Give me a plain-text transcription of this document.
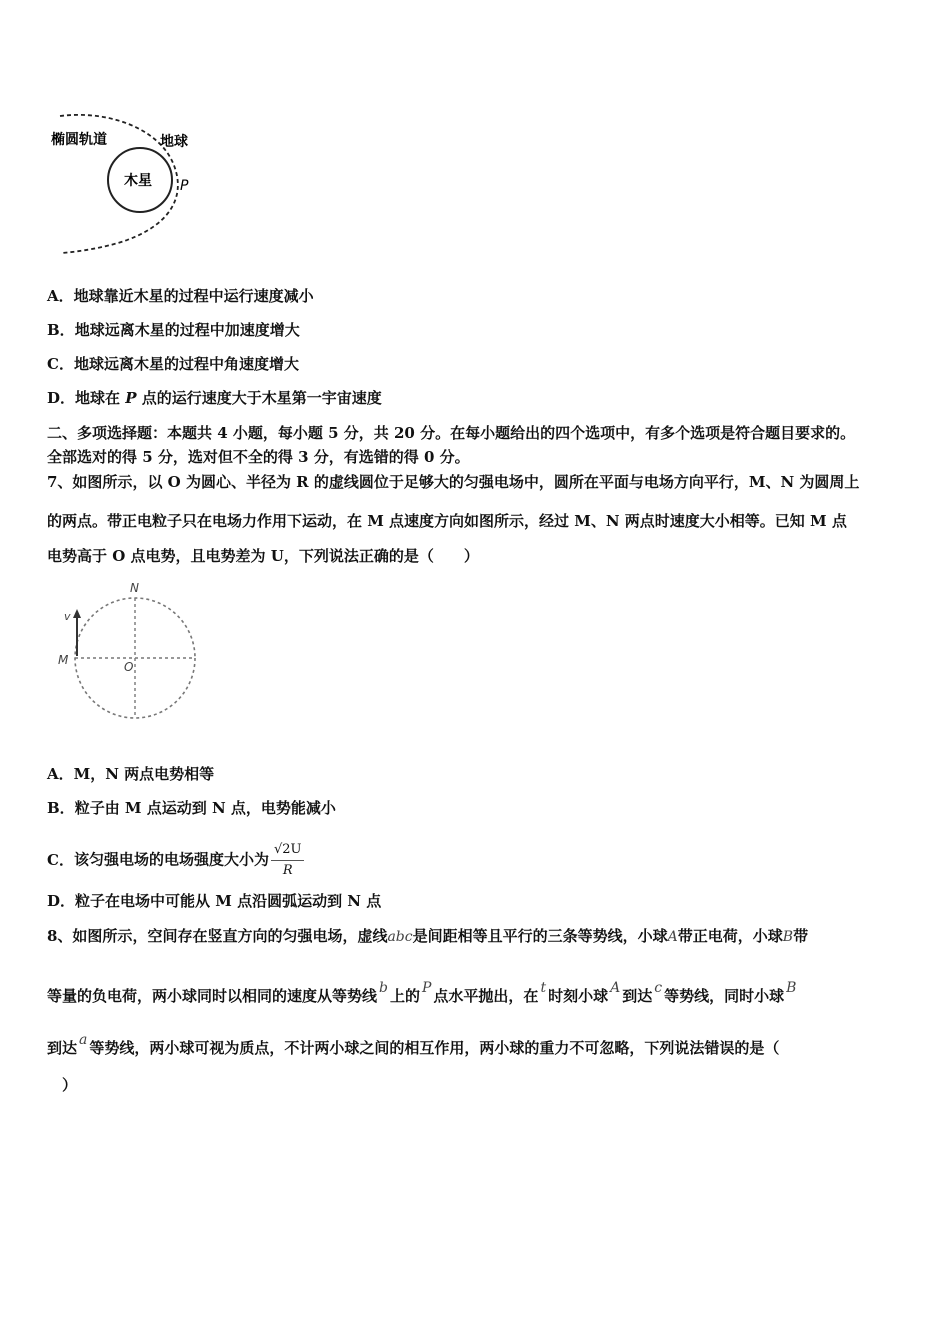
木星
椭圆轨道	地球
P
A．地球靠近木星的过程中运行速度减小
B．地球远离木星的过程中加速度增大
C．地球远离木星的过程中角速度增大
D．地球在 P 点的运行速度大于木星第一宇宙速度
二、多项选择题：本题共 4 小题，每小题 5 分，共 20 分。在每小题给出的四个选项中，有多个选项是符合题目要求的。
全部选对的得 5 分，选对但不全的得 3 分，有选错的得 0 分。
7、如图所示，以 O 为圆心、半径为 R 的虚线圆位于足够大的匀强电场中，圆所在平面与电场方向平行，M、N 为圆周上
的两点。带正电粒子只在电场力作用下运动，在 M 点速度方向如图所示，经过 M、N 两点时速度大小相等。已知 M 点
电势高于 O 点电势，且电势差为 U，下列说法正确的是（　　）
N
v
M	O
A．M，N 两点电势相等
B．粒子由 M 点运动到 N 点，电势能减小
C．该匀强电场的电场强度大小为 $\frac{√2U}{R}$
D．粒子在电场中可能从 M 点沿圆弧运动到 N 点
8、如图所示，空间存在竖直方向的匀强电场，虚线abc是间距相等且平行的三条等势线，小球A带正电荷，小球B带
等量的负电荷，两小球同时以相同的速度从等势线 b 上的 P 点水平抛出，在 t 时刻小球 A 到达 c 等势线，同时小球 B
到达 a 等势线，两小球可视为质点，不计两小球之间的相互作用，两小球的重力不可忽略，下列说法错误的是（
）
